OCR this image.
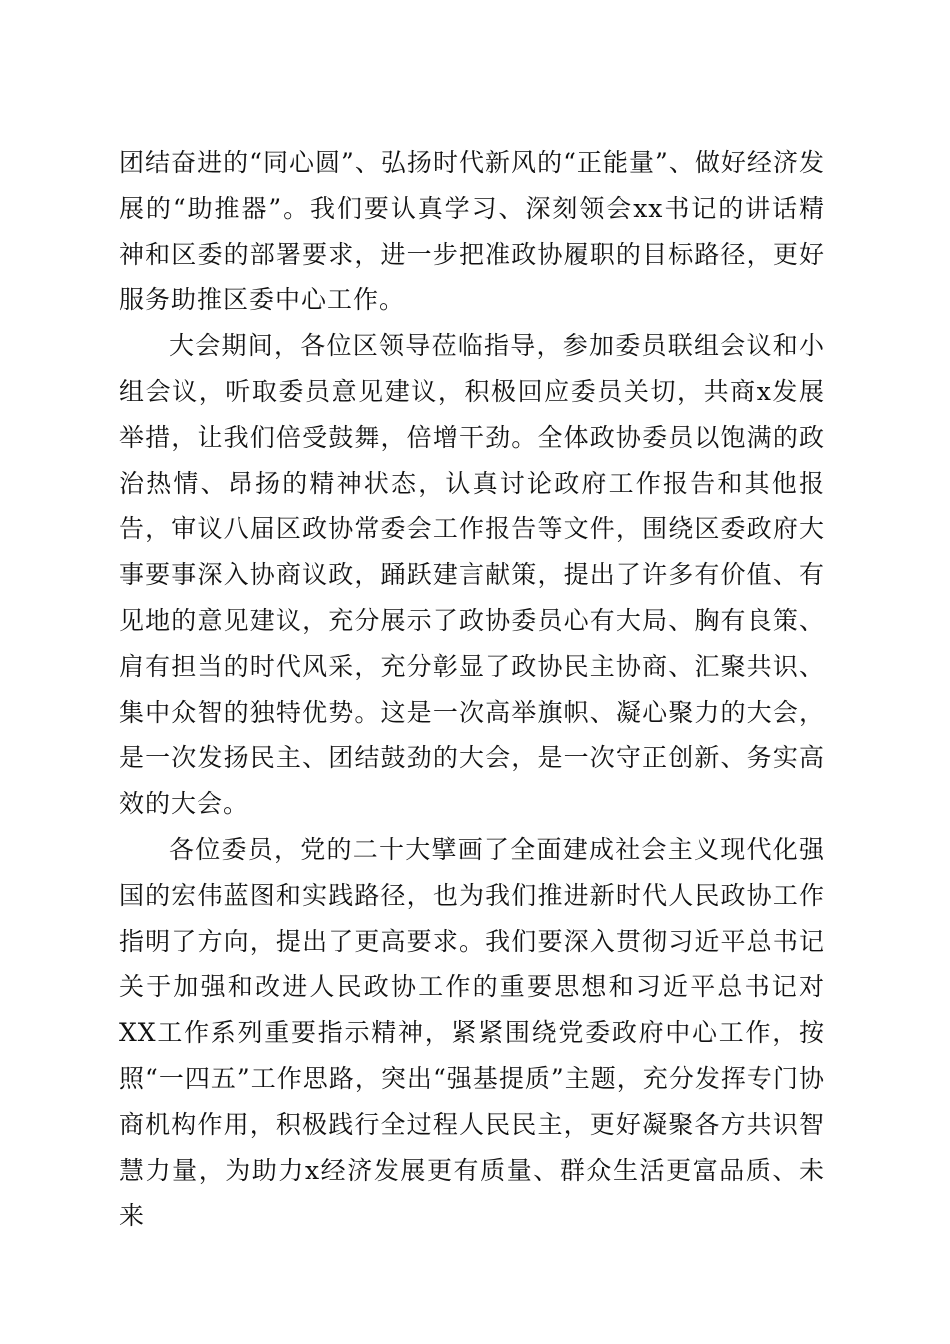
团结奋进的“同心圆”、弘扬时代新风的“正能量”、做好经济发展的“助推器”。我们要认真学习、深刻领会xx书记的讲话精神和区委的部署要求，进一步把准政协履职的目标路径，更好服务助推区委中心工作。

大会期间，各位区领导莅临指导，参加委员联组会议和小组会议，听取委员意见建议，积极回应委员关切，共商x发展举措，让我们倍受鼓舞，倍增干劲。全体政协委员以饱满的政治热情、昂扬的精神状态，认真讨论政府工作报告和其他报告，审议八届区政协常委会工作报告等文件，围绕区委政府大事要事深入协商议政，踊跃建言献策，提出了许多有价值、有见地的意见建议，充分展示了政协委员心有大局、胸有良策、肩有担当的时代风采，充分彰显了政协民主协商、汇聚共识、集中众智的独特优势。这是一次高举旗帜、凝心聚力的大会，是一次发扬民主、团结鼓劲的大会，是一次守正创新、务实高效的大会。

各位委员，党的二十大擘画了全面建成社会主义现代化强国的宏伟蓝图和实践路径，也为我们推进新时代人民政协工作指明了方向，提出了更高要求。我们要深入贯彻习近平总书记关于加强和改进人民政协工作的重要思想和习近平总书记对XX工作系列重要指示精神，紧紧围绕党委政府中心工作，按照“一四五”工作思路，突出“强基提质”主题，充分发挥专门协商机构作用，积极践行全过程人民民主，更好凝聚各方共识智慧力量，为助力x经济发展更有质量、群众生活更富品质、未来
